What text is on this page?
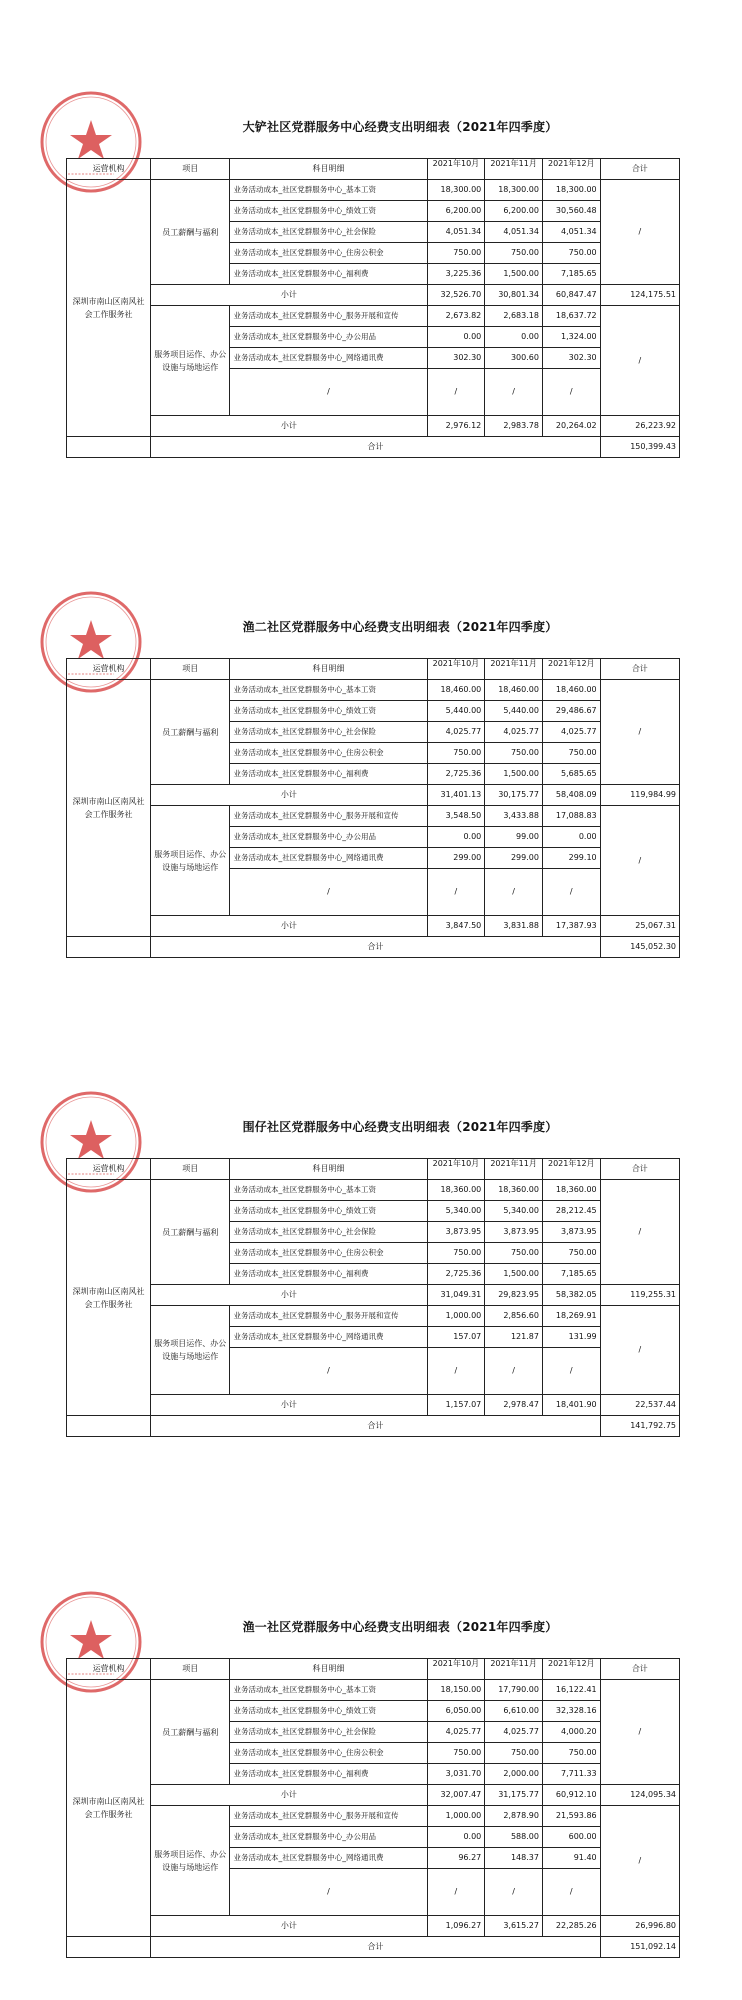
大铲社区党群服务中心经费支出明细表（2021年四季度）
运营机构	项目	科目明细	2021年10月	2021年11月	2021年12月	合计
深圳市南山区南风社会工作服务社	员工薪酬与福利	业务活动成本_社区党群服务中心_基本工资	18,300.00	18,300.00	18,300.00	/
		业务活动成本_社区党群服务中心_绩效工资	6,200.00	6,200.00	30,560.48	
		业务活动成本_社区党群服务中心_社会保险	4,051.34	4,051.34	4,051.34	
		业务活动成本_社区党群服务中心_住房公积金	750.00	750.00	750.00	
		业务活动成本_社区党群服务中心_福利费	3,225.36	1,500.00	7,185.65	
	小计		32,526.70	30,801.34	60,847.47	124,175.51
	服务项目运作、办公设施与场地运作	业务活动成本_社区党群服务中心_服务开展和宣传	2,673.82	2,683.18	18,637.72	/
		业务活动成本_社区党群服务中心_办公用品	0.00	0.00	1,324.00	
		业务活动成本_社区党群服务中心_网络通讯费	302.30	300.60	302.30	
		/	/	/	/	
	小计		2,976.12	2,983.78	20,264.02	26,223.92
	合计					150,399.43
渔二社区党群服务中心经费支出明细表（2021年四季度）
运营机构	项目	科目明细	2021年10月	2021年11月	2021年12月	合计
深圳市南山区南风社会工作服务社	员工薪酬与福利	业务活动成本_社区党群服务中心_基本工资	18,460.00	18,460.00	18,460.00	/
		业务活动成本_社区党群服务中心_绩效工资	5,440.00	5,440.00	29,486.67	
		业务活动成本_社区党群服务中心_社会保险	4,025.77	4,025.77	4,025.77	
		业务活动成本_社区党群服务中心_住房公积金	750.00	750.00	750.00	
		业务活动成本_社区党群服务中心_福利费	2,725.36	1,500.00	5,685.65	
	小计		31,401.13	30,175.77	58,408.09	119,984.99
	服务项目运作、办公设施与场地运作	业务活动成本_社区党群服务中心_服务开展和宣传	3,548.50	3,433.88	17,088.83	/
		业务活动成本_社区党群服务中心_办公用品	0.00	99.00	0.00	
		业务活动成本_社区党群服务中心_网络通讯费	299.00	299.00	299.10	
		/	/	/	/	
	小计		3,847.50	3,831.88	17,387.93	25,067.31
	合计					145,052.30
围仔社区党群服务中心经费支出明细表（2021年四季度）
运营机构	项目	科目明细	2021年10月	2021年11月	2021年12月	合计
深圳市南山区南风社会工作服务社	员工薪酬与福利	业务活动成本_社区党群服务中心_基本工资	18,360.00	18,360.00	18,360.00	/
		业务活动成本_社区党群服务中心_绩效工资	5,340.00	5,340.00	28,212.45	
		业务活动成本_社区党群服务中心_社会保险	3,873.95	3,873.95	3,873.95	
		业务活动成本_社区党群服务中心_住房公积金	750.00	750.00	750.00	
		业务活动成本_社区党群服务中心_福利费	2,725.36	1,500.00	7,185.65	
	小计		31,049.31	29,823.95	58,382.05	119,255.31
	服务项目运作、办公设施与场地运作	业务活动成本_社区党群服务中心_服务开展和宣传	1,000.00	2,856.60	18,269.91	/
		业务活动成本_社区党群服务中心_网络通讯费	157.07	121.87	131.99	
		/	/	/	/	
	小计		1,157.07	2,978.47	18,401.90	22,537.44
	合计					141,792.75
渔一社区党群服务中心经费支出明细表（2021年四季度）
运营机构	项目	科目明细	2021年10月	2021年11月	2021年12月	合计
深圳市南山区南风社会工作服务社	员工薪酬与福利	业务活动成本_社区党群服务中心_基本工资	18,150.00	17,790.00	16,122.41	/
		业务活动成本_社区党群服务中心_绩效工资	6,050.00	6,610.00	32,328.16	
		业务活动成本_社区党群服务中心_社会保险	4,025.77	4,025.77	4,000.20	
		业务活动成本_社区党群服务中心_住房公积金	750.00	750.00	750.00	
		业务活动成本_社区党群服务中心_福利费	3,031.70	2,000.00	7,711.33	
	小计		32,007.47	31,175.77	60,912.10	124,095.34
	服务项目运作、办公设施与场地运作	业务活动成本_社区党群服务中心_服务开展和宣传	1,000.00	2,878.90	21,593.86	/
		业务活动成本_社区党群服务中心_办公用品	0.00	588.00	600.00	
		业务活动成本_社区党群服务中心_网络通讯费	96.27	148.37	91.40	
		/	/	/	/	
	小计		1,096.27	3,615.27	22,285.26	26,996.80
	合计					151,092.14
